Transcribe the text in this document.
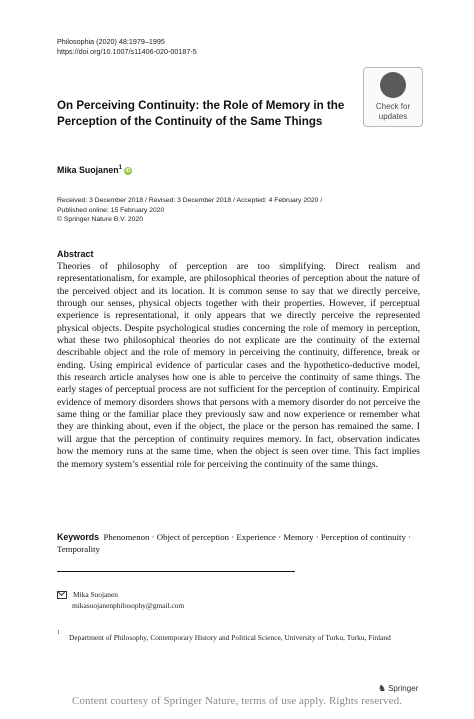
Philosophia (2020) 48:1979–1995
https://doi.org/10.1007/s11406-020-00187-5
On Perceiving Continuity: the Role of Memory in the Perception of the Continuity of the Same Things
Check for
updates
Mika Suojanen$^1$ iD
Received: 3 December 2018 / Revised: 3 December 2018 / Accepted: 4 February 2020 /
Published online: 15 February 2020
© Springer Nature B.V. 2020
Abstract
Theories of philosophy of perception are too simplifying. Direct realism and representationalism, for example, are philosophical theories of perception about the nature of the perceived object and its location. It is common sense to say that we directly perceive, through our senses, physical objects together with their properties. However, if perceptual experience is representational, it only appears that we directly perceive the represented physical objects. Despite psychological studies concerning the role of memory in perception, what these two philosophical theories do not explicate are the continuity of the external describable object and the role of memory in perceiving the continuity, difference, break or ending. Using empirical evidence of particular cases and the hypothetico-deductive model, this research article analyses how one is able to perceive the continuity of same things. The early stages of perceptual process are not sufficient for the perception of continuity. Empirical evidence of memory disorders shows that persons with a memory disorder do not perceive the same thing or the familiar place they previously saw and now experience or remember what they are thinking about, even if the object, the place or the person has remained the same. I will argue that the perception of continuity requires memory. In fact, observation indicates how the memory runs at the same time, when the object is seen over time. This fact implies the memory system’s essential role for perceiving the continuity of the same things.
Keywords Phenomenon · Object of perception · Experience · Memory · Perception of continuity · Temporality
Mika Suojanen
mikasuojanenphilosophy@gmail.com
1 Department of Philosophy, Contemporary History and Political Science, University of Turku, Turku, Finland
♞ Springer
Content courtesy of Springer Nature, terms of use apply. Rights reserved.
